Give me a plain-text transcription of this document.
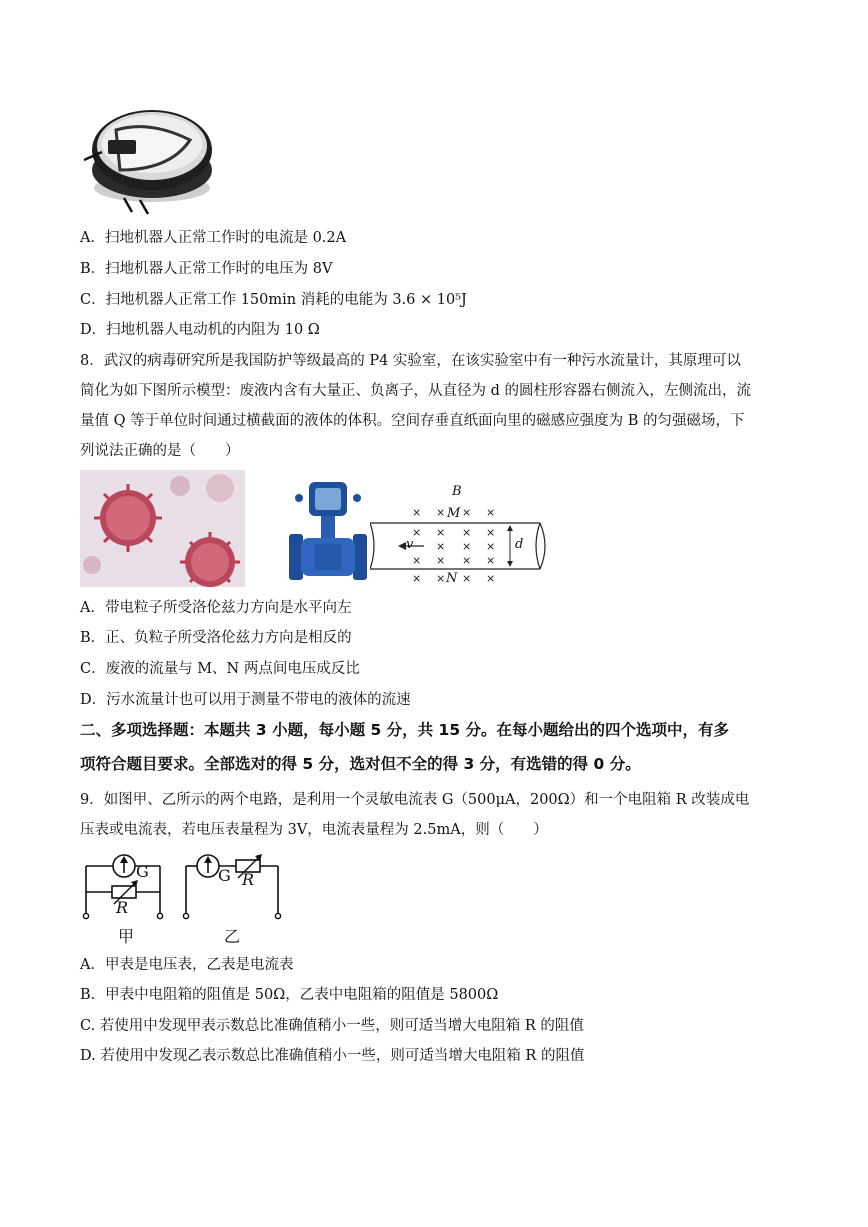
A．扫地机器人正常工作时的电流是 0.2A
B．扫地机器人正常工作时的电压为 8V
C．扫地机器人正常工作 150min 消耗的电能为 3.6 × 10⁵J
D．扫地机器人电动机的内阻为 10 Ω
8．武汉的病毒研究所是我国防护等级最高的 P4 实验室，在该实验室中有一种污水流量计，其原理可以
简化为如下图所示模型：废液内含有大量正、负离子，从直径为 d 的圆柱形容器右侧流入，左侧流出，流
量值 Q 等于单位时间通过横截面的液体的体积。空间存垂直纸面向里的磁感应强度为 B 的匀强磁场，下
列说法正确的是（　　）
B
M
N
v	d
× × × ×
× × × ×
× × ×
× × × ×
× × × ×
A．带电粒子所受洛伦兹力方向是水平向左
B．正、负粒子所受洛伦兹力方向是相反的
C．废液的流量与 M、N 两点间电压成反比
D．污水流量计也可以用于测量不带电的液体的流速
二、多项选择题：本题共 3 小题，每小题 5 分，共 15 分。在每小题给出的四个选项中，有多
项符合题目要求。全部选对的得 5 分，选对但不全的得 3 分，有选错的得 0 分。
9．如图甲、乙所示的两个电路，是利用一个灵敏电流表 G（500μA，200Ω）和一个电阻箱 R 改装成电
压表或电流表，若电压表量程为 3V，电流表量程为 2.5mA，则（　　）
G
R
甲
G R
乙
A．甲表是电压表，乙表是电流表
B．甲表中电阻箱的阻值是 50Ω，乙表中电阻箱的阻值是 5800Ω
C. 若使用中发现甲表示数总比准确值稍小一些，则可适当增大电阻箱 R 的阻值
D. 若使用中发现乙表示数总比准确值稍小一些，则可适当增大电阻箱 R 的阻值
